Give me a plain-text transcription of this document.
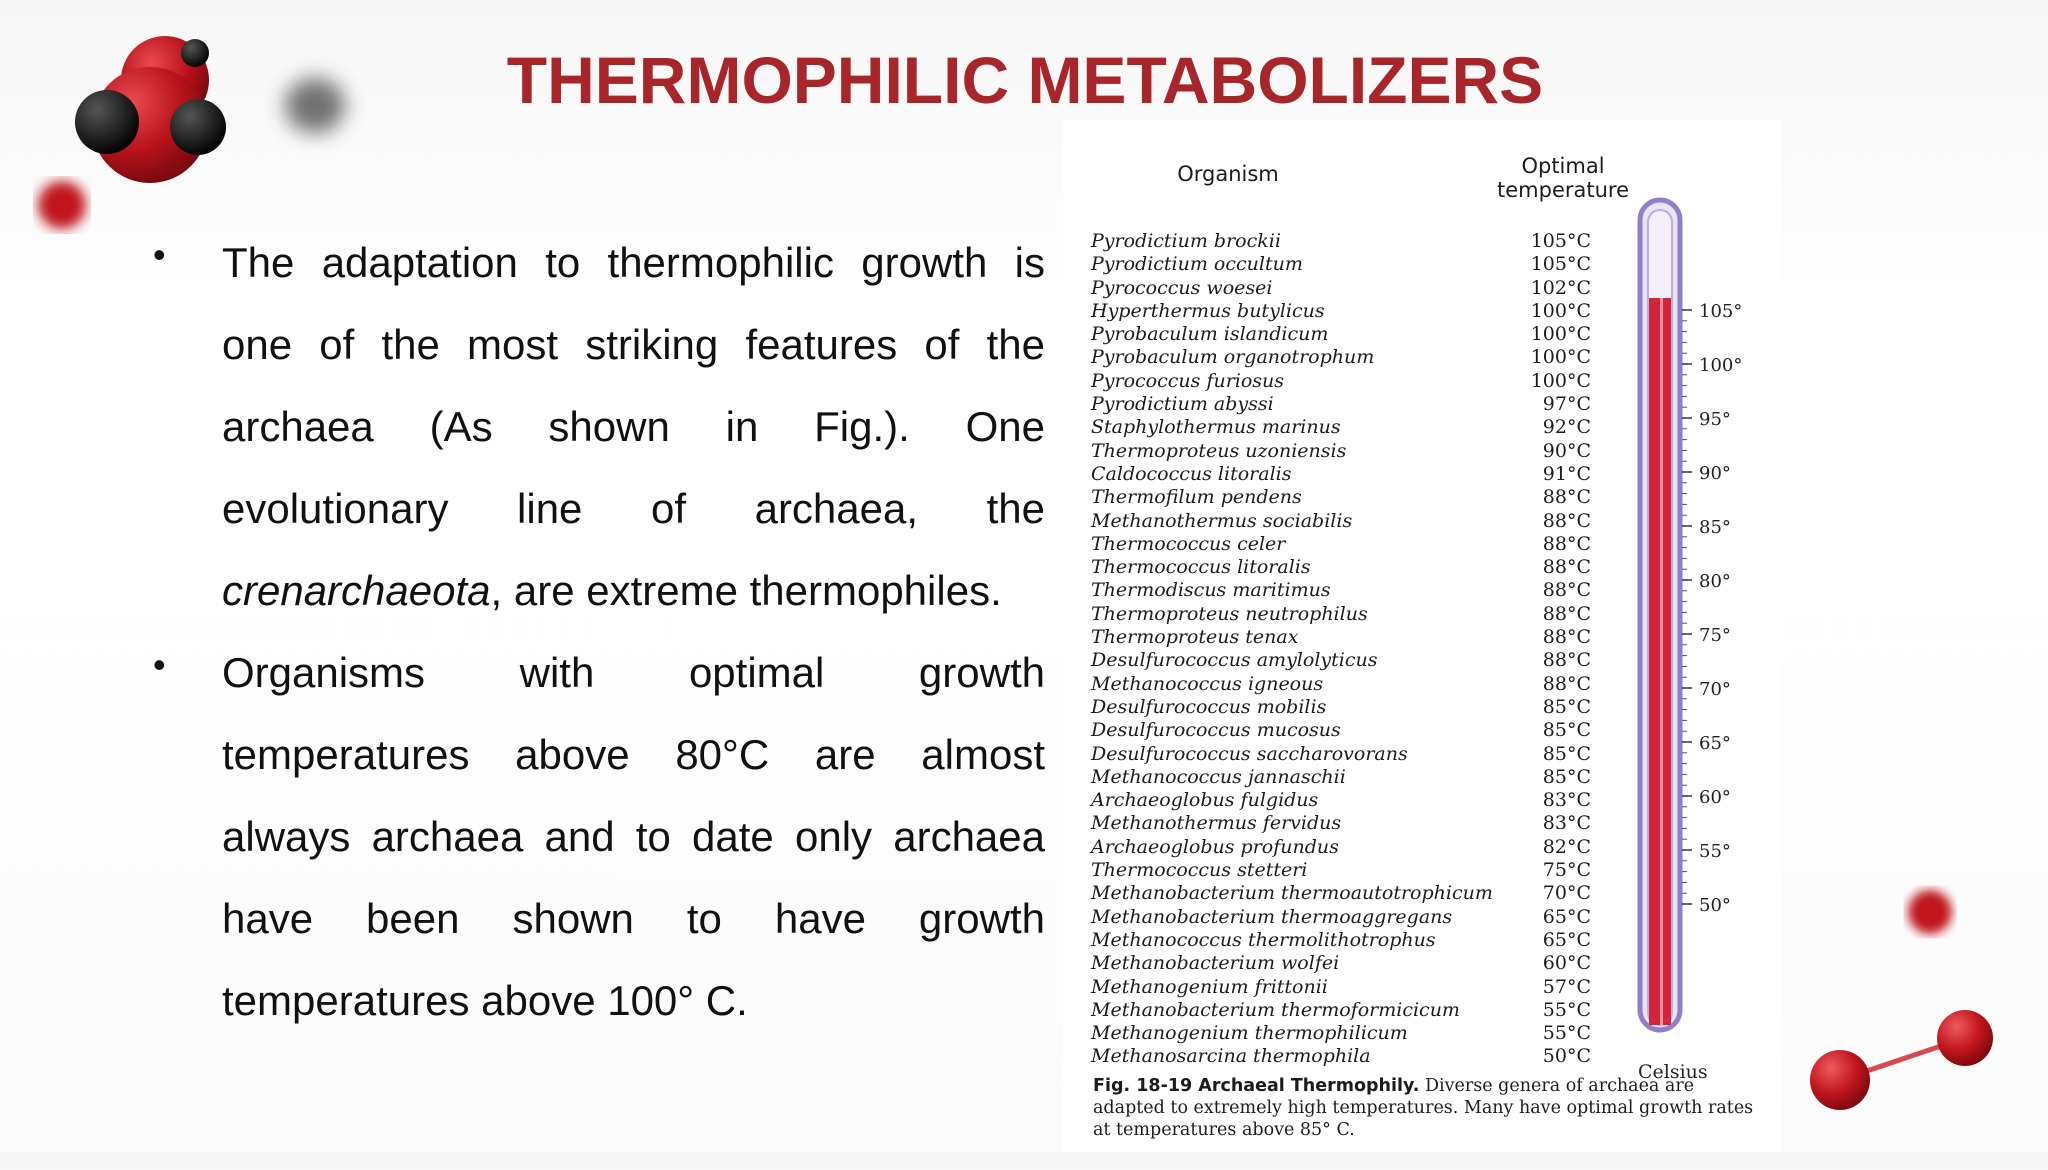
THERMOPHILIC METABOLIZERS
• The adaptation to thermophilic growth is one of the most striking features of the archaea (As shown in Fig.). One evolutionary line of archaea, the crenarchaeota, are extreme thermophiles.

• Organisms with optimal growth temperatures above 80°C are almost always archaea and to date only archaea have been shown to have growth temperatures above 100° C.

Organism	Optimal
temperature
Pyrodictium brockii	105°C
Pyrodictium occultum	105°C
Pyrococcus woesei	102°C
Hyperthermus butylicus	100°C
Pyrobaculum islandicum	100°C
Pyrobaculum organotrophum	100°C
Pyrococcus furiosus	100°C
Pyrodictium abyssi	97°C
Staphylothermus marinus	92°C
Thermoproteus uzoniensis	90°C
Caldococcus litoralis	91°C
Thermofilum pendens	88°C
Methanothermus sociabilis	88°C
Thermococcus celer	88°C
Thermococcus litoralis	88°C
Thermodiscus maritimus	88°C
Thermoproteus neutrophilus	88°C
Thermoproteus tenax	88°C
Desulfurococcus amylolyticus	88°C
Methanococcus igneous	88°C
Desulfurococcus mobilis	85°C
Desulfurococcus mucosus	85°C
Desulfurococcus saccharovorans	85°C
Methanococcus jannaschii	85°C
Archaeoglobus fulgidus	83°C
Methanothermus fervidus	83°C
Archaeoglobus profundus	82°C
Thermococcus stetteri	75°C
Methanobacterium thermoautotrophicum	70°C
Methanobacterium thermoaggregans	65°C
Methanococcus thermolithotrophus	65°C
Methanobacterium wolfei	60°C
Methanogenium frittonii	57°C
Methanobacterium thermoformicicum	55°C
Methanogenium thermophilicum	55°C
Methanosarcina thermophila	50°C
105°
100°
95°
90°
85°
80°
75°
70°
65°
60°
55°
50°
Celsius
Fig. 18-19 Archaeal Thermophily. Diverse genera of archaea are adapted to extremely high temperatures. Many have optimal growth rates at temperatures above 85° C.
